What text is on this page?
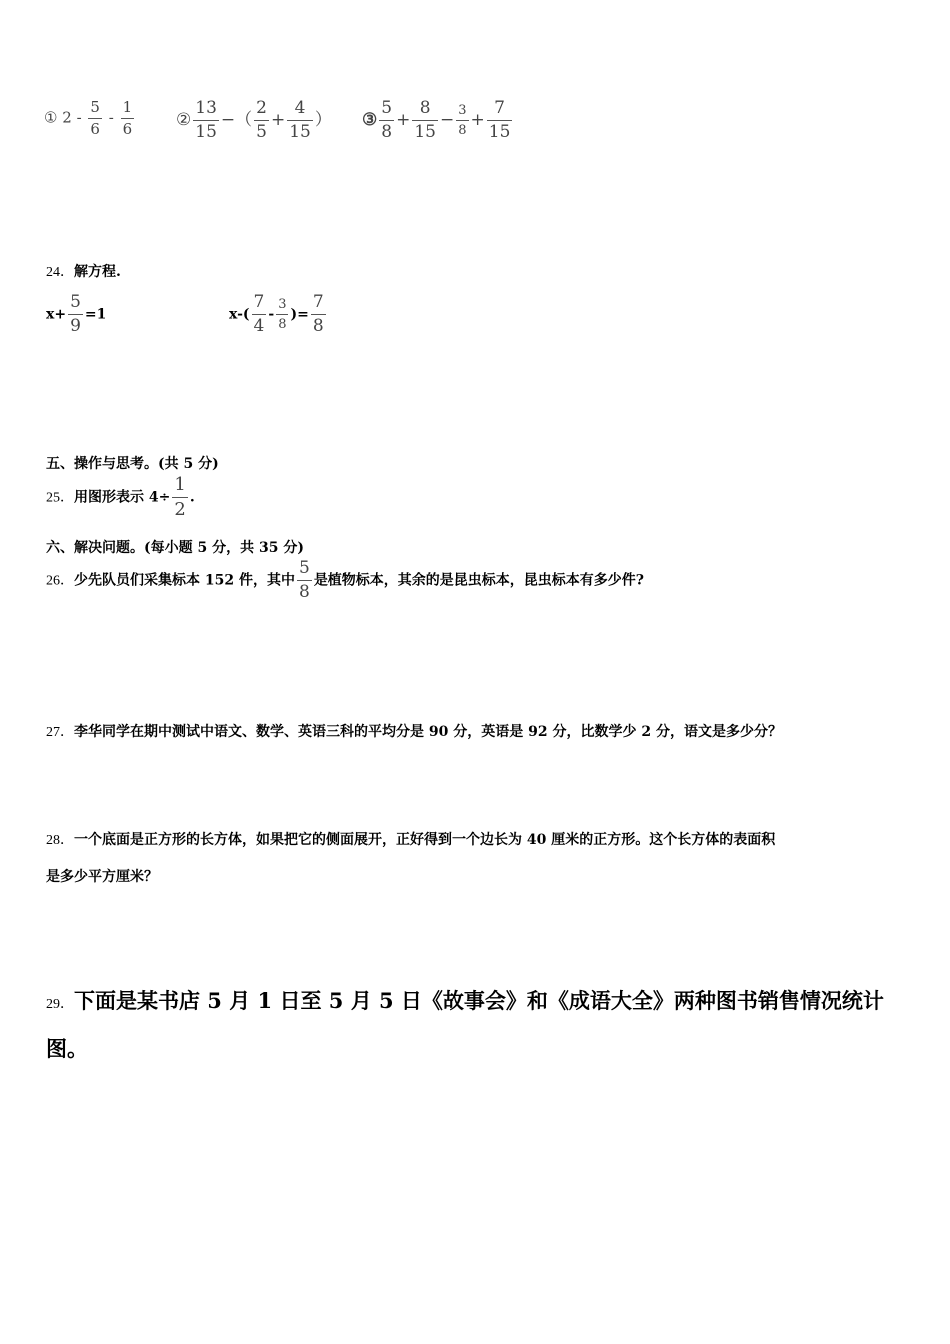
① $2 - \frac{5}{6} - \frac{1}{6}$ ② $\frac{13}{15}$ −（ $\frac{2}{5} + \frac{4}{15}$ ） ③ $\frac{5}{8} + \frac{8}{15} - \frac{3}{8} + \frac{7}{15}$
24．解方程.
$x+ \frac{5}{9} =1$	$x-( \frac{7}{4} - \frac{3}{8}$ )= $\frac{7}{8}$
五、操作与思考。(共 5 分)
25．用图形表示 $4\div \frac{1}{2}$ .
六、解决问题。(每小题 5 分，共 35 分)
26．少先队员们采集标本 152 件，其中 $\frac{5}{8}$ 是植物标本，其余的是昆虫标本，昆虫标本有多少件?
27．李华同学在期中测试中语文、数学、英语三科的平均分是 90 分，英语是 92 分，比数学少 2 分，语文是多少分？
28．一个底面是正方形的长方体，如果把它的侧面展开，正好得到一个边长为 40 厘米的正方形。这个长方体的表面积
是多少平方厘米？
29．下面是某书店 5 月 1 日至 5 月 5 日《故事会》和《成语大全》两种图书销售情况统计
图。
